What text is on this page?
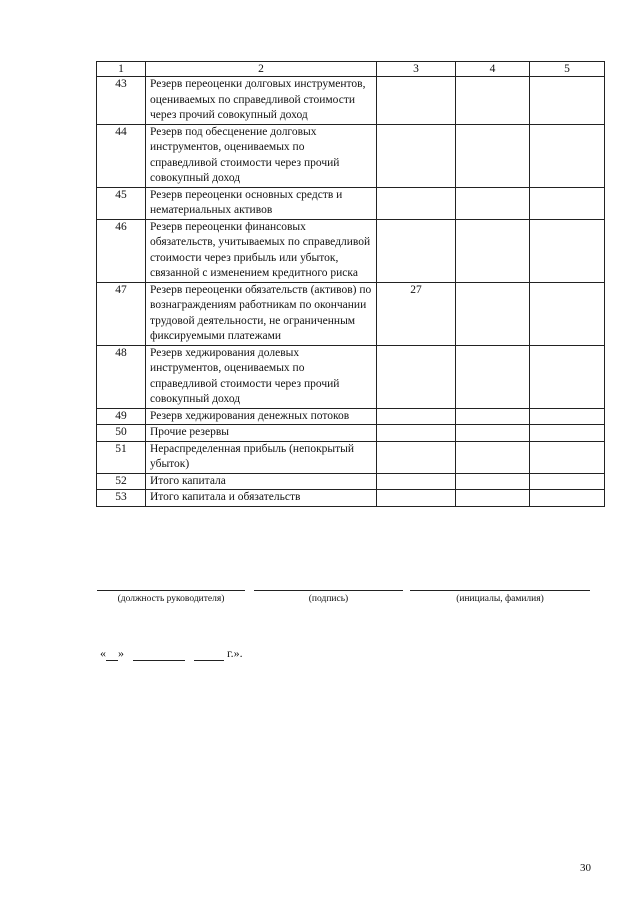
1	2	3	4	5
43	Резерв переоценки долговых инструментов, оцениваемых по справедливой стоимости через прочий совокупный доход			
44	Резерв под обесценение долговых инструментов, оцениваемых по справедливой стоимости через прочий совокупный доход			
45	Резерв переоценки основных средств и нематериальных активов			
46	Резерв переоценки финансовых обязательств, учитываемых по справедливой стоимости через прибыль или убыток, связанной с изменением кредитного риска			
47	Резерв переоценки обязательств (активов) по вознаграждениям работникам по окончании трудовой деятельности, не ограниченным фиксируемыми платежами	27		
48	Резерв хеджирования долевых инструментов, оцениваемых по справедливой стоимости через прочий совокупный доход			
49	Резерв хеджирования денежных потоков			
50	Прочие резервы			
51	Нераспределенная прибыль (непокрытый убыток)			
52	Итого капитала			
53	Итого капитала и обязательств			
(должность руководителя)	(подпись)	(инициалы, фамилия)
« »	г.».
30
